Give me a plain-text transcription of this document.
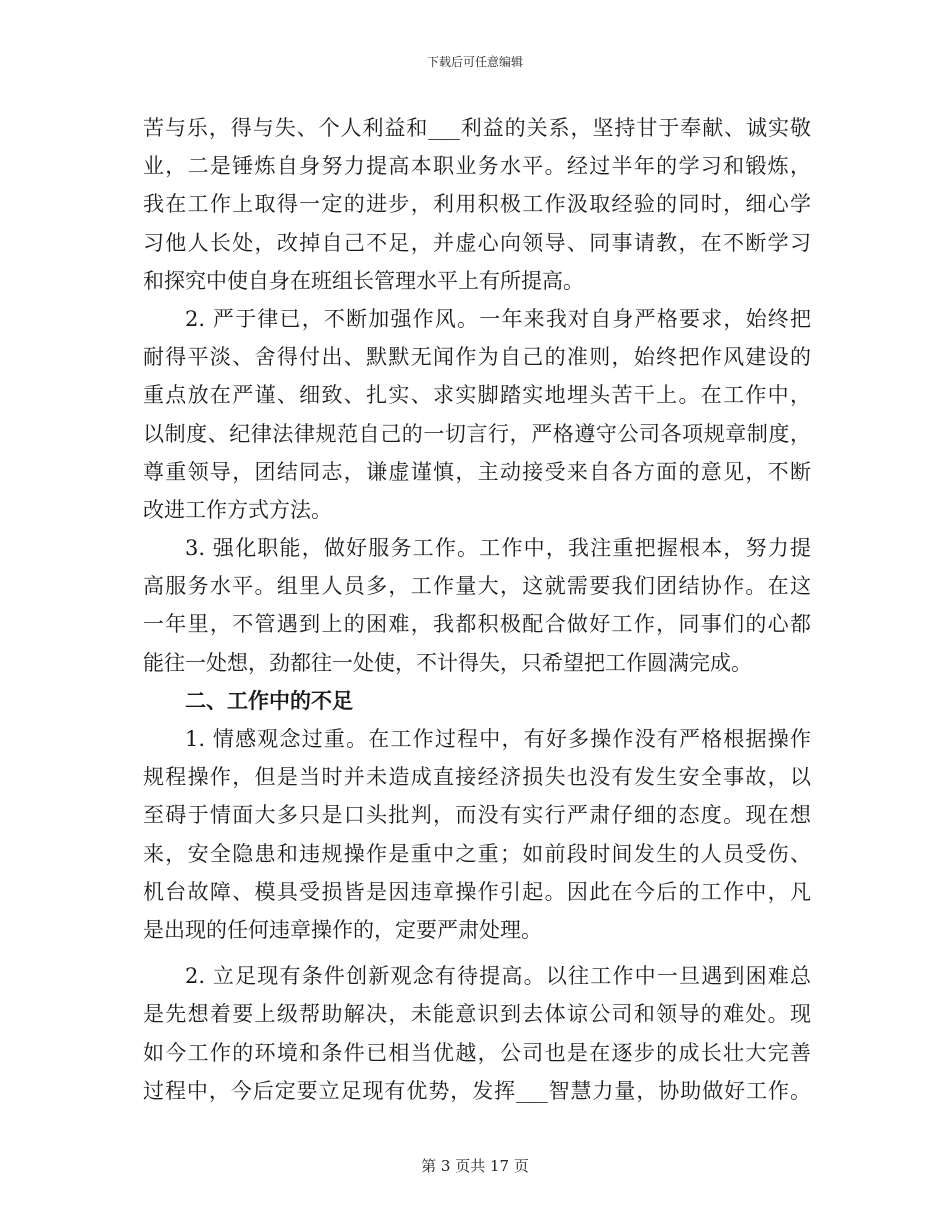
下载后可任意编辑
苦与乐，得与失、个人利益和___利益的关系，坚持甘于奉献、诚实敬
业，二是锤炼自身努力提高本职业务水平。经过半年的学习和锻炼，
我在工作上取得一定的进步，利用积极工作汲取经验的同时，细心学
习他人长处，改掉自己不足，并虚心向领导、同事请教，在不断学习
和探究中使自身在班组长管理水平上有所提高。
2. 严于律已，不断加强作风。一年来我对自身严格要求，始终把
耐得平淡、舍得付出、默默无闻作为自己的准则，始终把作风建设的
重点放在严谨、细致、扎实、求实脚踏实地埋头苦干上。在工作中，
以制度、纪律法律规范自己的一切言行，严格遵守公司各项规章制度，
尊重领导，团结同志，谦虚谨慎，主动接受来自各方面的意见，不断
改进工作方式方法。
3. 强化职能，做好服务工作。工作中，我注重把握根本，努力提
高服务水平。组里人员多，工作量大，这就需要我们团结协作。在这
一年里，不管遇到上的困难，我都积极配合做好工作，同事们的心都
能往一处想，劲都往一处使，不计得失，只希望把工作圆满完成。
二、工作中的不足
1. 情感观念过重。在工作过程中，有好多操作没有严格根据操作
规程操作，但是当时并未造成直接经济损失也没有发生安全事故，以
至碍于情面大多只是口头批判，而没有实行严肃仔细的态度。现在想
来，安全隐患和违规操作是重中之重；如前段时间发生的人员受伤、
机台故障、模具受损皆是因违章操作引起。因此在今后的工作中，凡
是出现的任何违章操作的，定要严肃处理。
2. 立足现有条件创新观念有待提高。以往工作中一旦遇到困难总
是先想着要上级帮助解决，未能意识到去体谅公司和领导的难处。现
如今工作的环境和条件已相当优越，公司也是在逐步的成长壮大完善
过程中，今后定要立足现有优势，发挥___智慧力量，协助做好工作。
第 3 页共 17 页
